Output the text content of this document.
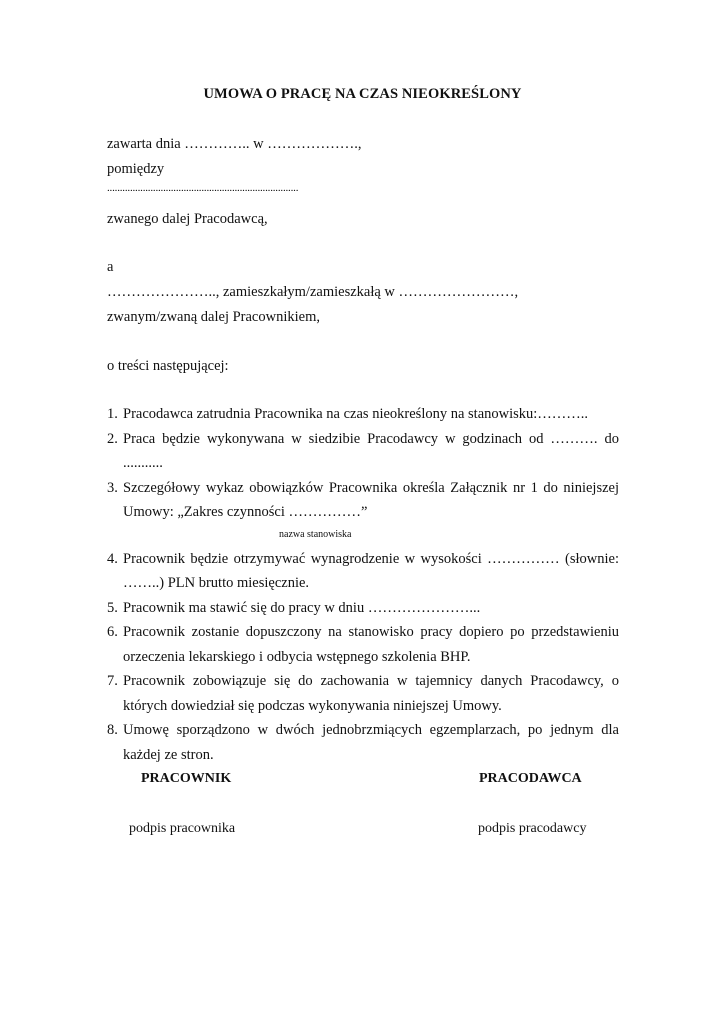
UMOWA O PRACĘ NA CZAS NIEOKREŚLONY
zawarta dnia ………….. w ……………….,
pomiędzy
...........................................................................
zwanego dalej Pracodawcą,
a
………………….., zamieszkałym/zamieszkałą w ……………………,
zwanym/zwaną dalej Pracownikiem,
o treści następującej:
1. Pracodawca zatrudnia Pracownika na czas nieokreślony na stanowisku:………..
2. Praca będzie wykonywana w siedzibie Pracodawcy w godzinach od ………. do ...........
3. Szczegółowy wykaz obowiązków Pracownika określa Załącznik nr 1 do niniejszej Umowy: „Zakres czynności ……………”
nazwa stanowiska
4. Pracownik będzie otrzymywać wynagrodzenie w wysokości …………… (słownie: ……..) PLN brutto miesięcznie.
5. Pracownik ma stawić się do pracy w dniu …………………...
6. Pracownik zostanie dopuszczony na stanowisko pracy dopiero po przedstawieniu orzeczenia lekarskiego i odbycia wstępnego szkolenia BHP.
7. Pracownik zobowiązuje się do zachowania w tajemnicy danych Pracodawcy, o których dowiedział się podczas wykonywania niniejszej Umowy.
8. Umowę sporządzono w dwóch jednobrzmiących egzemplarzach, po jednym dla każdej ze stron.
PRACOWNIK	PRACODAWCA
podpis pracownika	podpis pracodawcy
